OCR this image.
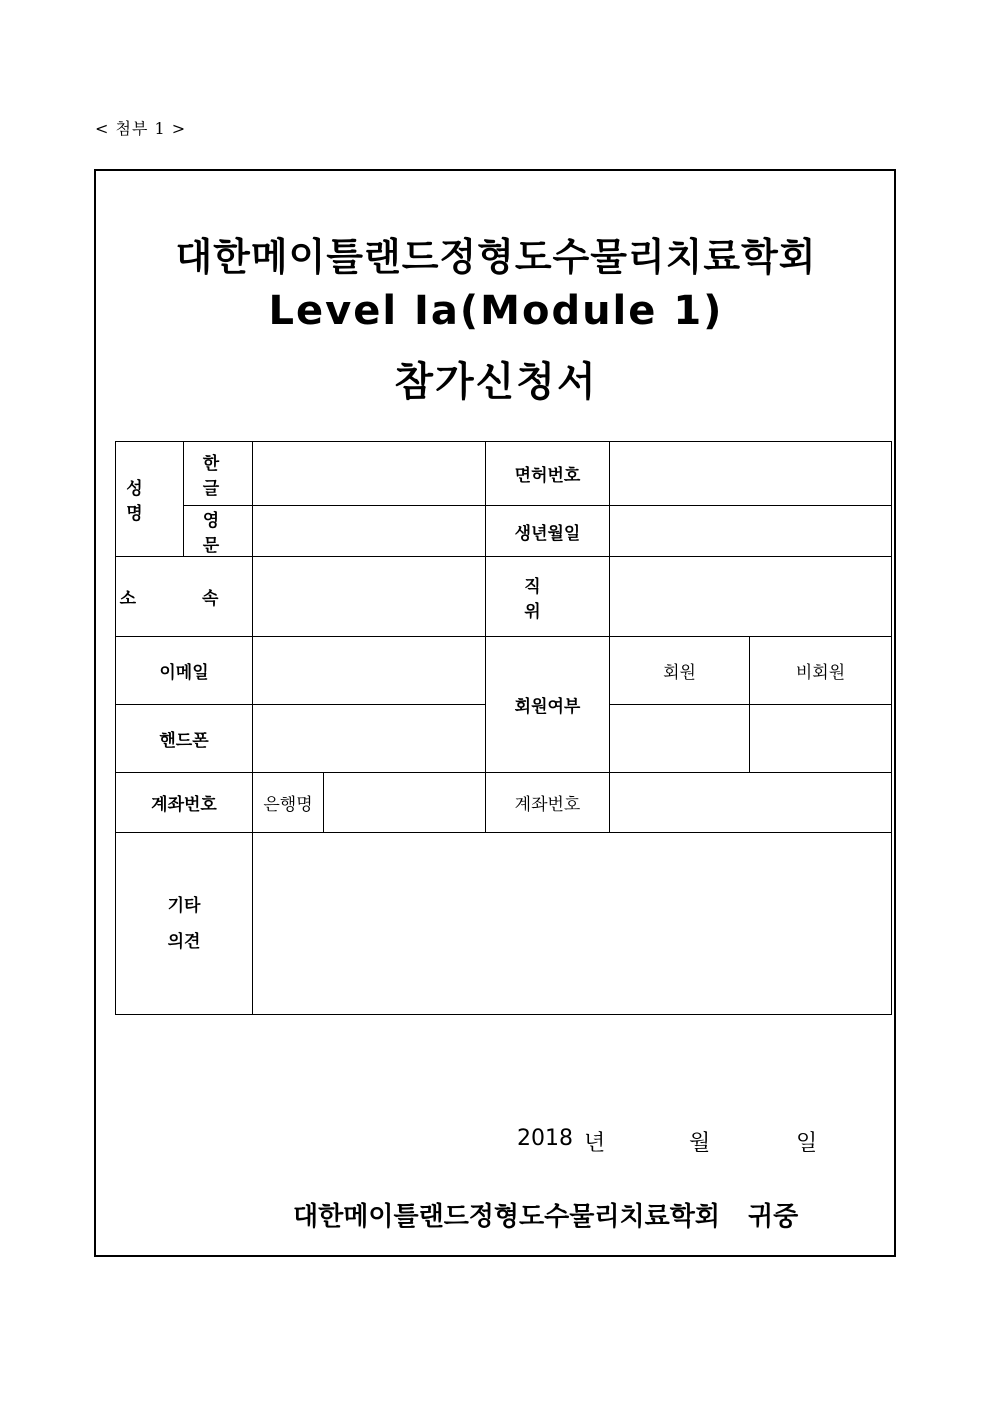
< 첨부 1 >
대한메이틀랜드정형도수물리치료학회
Level Ia(Module 1)
참가신청서
성 명	한 글			면허번호		
	영 문			생년월일		
소 속				직 위		
이메일				회원여부	회원	비회원
핸드폰						
계좌번호		은행명		계좌번호		

기타
의견						

2018 년	월	일
대한메이틀랜드정형도수물리치료학회 귀중
